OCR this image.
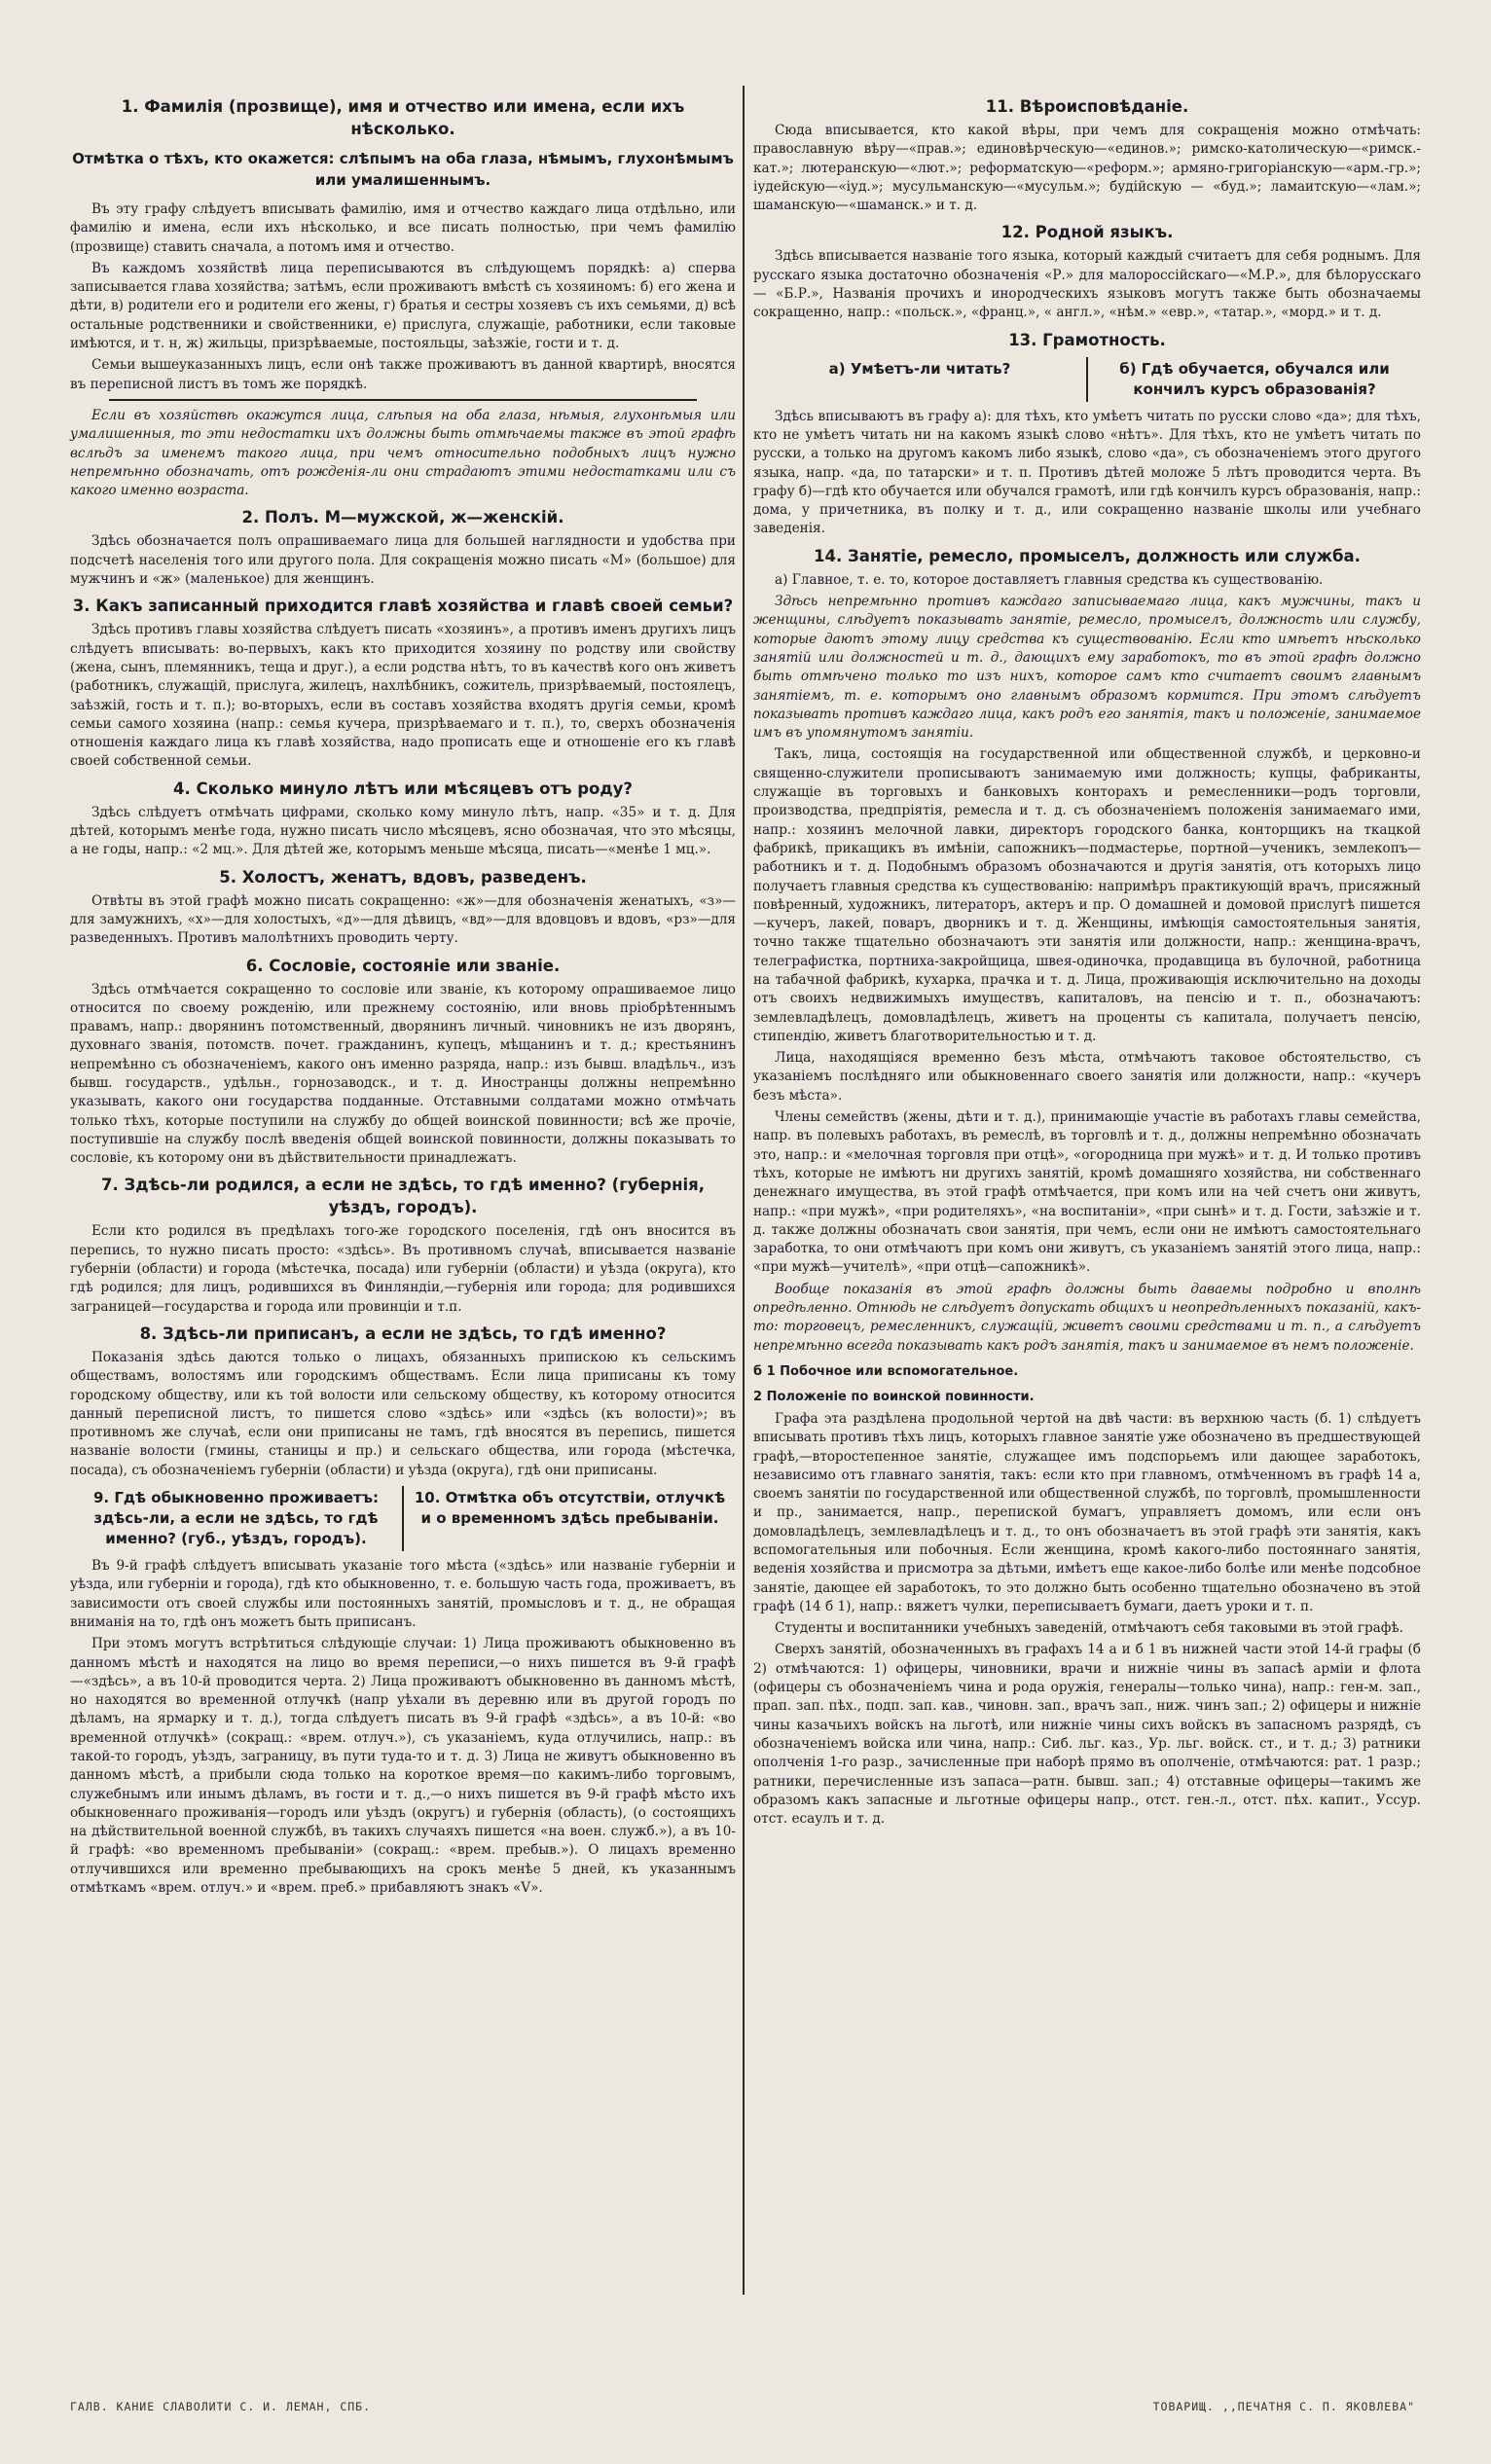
1. Фамилія (прозвище), имя и отчество или имена, если ихъ нѣсколько.
Отмѣтка о тѣхъ, кто окажется: слѣпымъ на оба глаза, нѣмымъ, глухонѣмымъ или умалишеннымъ.

Въ эту графу слѣдуетъ вписывать фамилію, имя и отчество каждаго лица отдѣльно, или фамилію и имена, если ихъ нѣсколько, и все писать полностью, при чемъ фамилію (прозвище) ставить сначала, а потомъ имя и отчество.

Въ каждомъ хозяйствѣ лица переписываются въ слѣдующемъ порядкѣ: а) сперва записывается глава хозяйства; затѣмъ, если проживаютъ вмѣстѣ съ хозяиномъ: б) его жена и дѣти, в) родители его и родители его жены, г) братья и сестры хозяевъ съ ихъ семьями, д) всѣ остальные родственники и свойственники, е) прислуга, служащіе, работники, если таковые имѣются, и т. н, ж) жильцы, призрѣваемые, постояльцы, заѣзжіе, гости и т. д.

Семьи вышеуказанныхъ лицъ, если онѣ также проживаютъ въ данной квартирѣ, вносятся въ переписной листъ въ томъ же порядкѣ.

Если въ хозяйствѣ окажутся лица, слѣпыя на оба глаза, нѣмыя, глухонѣмыя или умалишенныя, то эти недостатки ихъ должны быть отмѣчаемы также въ этой графѣ вслѣдъ за именемъ такого лица, при чемъ относительно подобныхъ лицъ нужно непремѣнно обозначать, отъ рожденія-ли они страдаютъ этими недостатками или съ какого именно возраста.

2. Полъ. М—мужской, ж—женскій.

Здѣсь обозначается полъ опрашиваемаго лица для большей наглядности и удобства при подсчетѣ населенія того или другого пола. Для сокращенія можно писать «М» (большое) для мужчинъ и «ж» (маленькое) для женщинъ.

3. Какъ записанный приходится главѣ хозяйства и главѣ своей семьи?

Здѣсь противъ главы хозяйства слѣдуетъ писать «хозяинъ», а противъ именъ другихъ лицъ слѣдуетъ вписывать: во-первыхъ, какъ кто приходится хозяину по родству или свойству (жена, сынъ, племянникъ, теща и друг.), а если родства нѣтъ, то въ качествѣ кого онъ живетъ (работникъ, служащій, прислуга, жилецъ, нахлѣбникъ, сожитель, призрѣваемый, постоялецъ, заѣзжій, гость и т. п.); во-вторыхъ, если въ составъ хозяйства входятъ другія семьи, кромѣ семьи самого хозяина (напр.: семья кучера, призрѣваемаго и т. п.), то, сверхъ обозначенія отношенія каждаго лица къ главѣ хозяйства, надо прописать еще и отношеніе его къ главѣ своей собственной семьи.

4. Сколько минуло лѣтъ или мѣсяцевъ отъ роду?

Здѣсь слѣдуетъ отмѣчать цифрами, сколько кому минуло лѣтъ, напр. «35» и т. д. Для дѣтей, которымъ менѣе года, нужно писать число мѣсяцевъ, ясно обозначая, что это мѣсяцы, а не годы, напр.: «2 мц.». Для дѣтей же, которымъ меньше мѣсяца, писать—«менѣе 1 мц.».

5. Холостъ, женатъ, вдовъ, разведенъ.

Отвѣты въ этой графѣ можно писать сокращенно: «ж»—для обозначенія женатыхъ, «з»—для замужнихъ, «х»—для холостыхъ, «д»—для дѣвицъ, «вд»—для вдовцовъ и вдовъ, «рз»—для разведенныхъ. Противъ малолѣтнихъ проводить черту.

6. Сословіе, состояніе или званіе.

Здѣсь отмѣчается сокращенно то сословіе или званіе, къ которому опрашиваемое лицо относится по своему рожденію, или прежнему состоянію, или вновь пріобрѣтеннымъ правамъ, напр.: дворянинъ потомственный, дворянинъ личный. чиновникъ не изъ дворянъ, духовнаго званія, потомств. почет. гражданинъ, купецъ, мѣщанинъ и т. д.; крестьянинъ непремѣнно съ обозначеніемъ, какого онъ именно разряда, напр.: изъ бывш. владѣльч., изъ бывш. государств., удѣльн., горнозаводск., и т. д. Иностранцы должны непремѣнно указывать, какого они государства подданные. Отставными солдатами можно отмѣчать только тѣхъ, которые поступили на службу до общей воинской повинности; всѣ же прочіе, поступившіе на службу послѣ введенія общей воинской повинности, должны показывать то сословіе, къ которому они въ дѣйствительности принадлежатъ.

7. Здѣсь-ли родился, а если не здѣсь, то гдѣ именно? (губернія, уѣздъ, городъ).

Если кто родился въ предѣлахъ того-же городского поселенія, гдѣ онъ вносится въ перепись, то нужно писать просто: «здѣсь». Въ противномъ случаѣ, вписывается названіе губерніи (области) и города (мѣстечка, посада) или губерніи (области) и уѣзда (округа), кто гдѣ родился; для лицъ, родившихся въ Финляндіи,—губернія или города; для родившихся заграницей—государства и города или провинціи и т.п.

8. Здѣсь-ли приписанъ, а если не здѣсь, то гдѣ именно?

Показанія здѣсь даются только о лицахъ, обязанныхъ припискою къ сельскимъ обществамъ, волостямъ или городскимъ обществамъ. Если лица приписаны къ тому городскому обществу, или къ той волости или сельскому обществу, къ которому относится данный переписной листъ, то пишется слово «здѣсь» или «здѣсь (къ волости)»; въ противномъ же случаѣ, если они приписаны не тамъ, гдѣ вносятся въ перепись, пишется названіе волости (гмины, станицы и пр.) и сельскаго общества, или города (мѣстечка, посада), съ обозначеніемъ губерніи (области) и уѣзда (округа), гдѣ они приписаны.

9. Гдѣ обыкновенно проживаетъ: здѣсь-ли, а если не здѣсь, то гдѣ именно? (губ., уѣздъ, городъ).
10. Отмѣтка объ отсутствіи, отлучкѣ и о временномъ здѣсь пребываніи.

Въ 9-й графѣ слѣдуетъ вписывать указаніе того мѣста («здѣсь» или названіе губерніи и уѣзда, или губерніи и города), гдѣ кто обыкновенно, т. е. большую часть года, проживаетъ, въ зависимости отъ своей службы или постоянныхъ занятій, промысловъ и т. д., не обращая вниманія на то, гдѣ онъ можетъ быть приписанъ.

При этомъ могутъ встрѣтиться слѣдующіе случаи: 1) Лица проживаютъ обыкновенно въ данномъ мѣстѣ и находятся на лицо во время переписи,—о нихъ пишется въ 9-й графѣ—«здѣсь», а въ 10-й проводится черта. 2) Лица проживаютъ обыкновенно въ данномъ мѣстѣ, но находятся во временной отлучкѣ (напр уѣхали въ деревню или въ другой городъ по дѣламъ, на ярмарку и т. д.), тогда слѣдуетъ писать въ 9-й графѣ «здѣсь», а въ 10-й: «во временной отлучкѣ» (сокращ.: «врем. отлуч.»), съ указаніемъ, куда отлучились, напр.: въ такой-то городъ, уѣздъ, заграницу, въ пути туда-то и т. д. 3) Лица не живутъ обыкновенно въ данномъ мѣстѣ, а прибыли сюда только на короткое время—по какимъ-либо торговымъ, служебнымъ или инымъ дѣламъ, въ гости и т. д.,—о нихъ пишется въ 9-й графѣ мѣсто ихъ обыкновеннаго проживанія—городъ или уѣздъ (округъ) и губернія (область), (о состоящихъ на дѣйствительной военной службѣ, въ такихъ случаяхъ пишется «на воен. служб.»), а въ 10-й графѣ: «во временномъ пребываніи» (сокращ.: «врем. пребыв.»). О лицахъ временно отлучившихся или временно пребывающихъ на срокъ менѣе 5 дней, къ указаннымъ отмѣткамъ «врем. отлуч.» и «врем. преб.» прибавляютъ знакъ «V».

11. Вѣроисповѣданіе.

Сюда вписывается, кто какой вѣры, при чемъ для сокращенія можно отмѣчать: православную вѣру—«прав.»; единовѣрческую—«единов.»; римско-католическую—«римск.-кат.»; лютеранскую—«лют.»; реформатскую—«реформ.»; армяно-григоріанскую—«арм.-гр.»; іудейскую—«іуд.»; мусульманскую—«мусульм.»; будійскую — «буд.»; ламаитскую—«лам.»; шаманскую—«шаманск.» и т. д.

12. Родной языкъ.

Здѣсь вписывается названіе того языка, который каждый считаетъ для себя роднымъ. Для русскаго языка достаточно обозначенія «Р.» для малороссійскаго—«М.Р.», для бѣлорусскаго — «Б.Р.», Названія прочихъ и инородческихъ языковъ могутъ также быть обозначаемы сокращенно, напр.: «польск.», «франц.», « англ.», «нѣм.» «евр.», «татар.», «морд.» и т. д.

13. Грамотность.
а) Умѣетъ-ли читать?	б) Гдѣ обучается, обучался или кончилъ курсъ образованія?

Здѣсь вписываютъ въ графу а): для тѣхъ, кто умѣетъ читать по русски слово «да»; для тѣхъ, кто не умѣетъ читать ни на какомъ языкѣ слово «нѣтъ». Для тѣхъ, кто не умѣетъ читать по русски, а только на другомъ какомъ либо языкѣ, слово «да», съ обозначеніемъ этого другого языка, напр. «да, по татарски» и т. п. Противъ дѣтей моложе 5 лѣтъ проводится черта. Въ графу б)—гдѣ кто обучается или обучался грамотѣ, или гдѣ кончилъ курсъ образованія, напр.: дома, у причетника, въ полку и т. д., или сокращенно названіе школы или учебнаго заведенія.

14. Занятіе, ремесло, промыселъ, должность или служба.

а) Главное, т. е. то, которое доставляетъ главныя средства къ существованію.

Здѣсь непремѣнно противъ каждаго записываемаго лица, какъ мужчины, такъ и женщины, слѣдуетъ показывать занятіе, ремесло, промыселъ, должность или службу, которые даютъ этому лицу средства къ существованію. Если кто имѣетъ нѣсколько занятій или должностей и т. д., дающихъ ему заработокъ, то въ этой графѣ должно быть отмѣчено только то изъ нихъ, которое самъ кто считаетъ своимъ главнымъ занятіемъ, т. е. которымъ оно главнымъ образомъ кормится. При этомъ слѣдуетъ показывать противъ каждаго лица, какъ родъ его занятія, такъ и положеніе, занимаемое имъ въ упомянутомъ занятіи.

Такъ, лица, состоящія на государственной или общественной службѣ, и церковно-и священно-служители прописываютъ занимаемую ими должность; купцы, фабриканты, служащіе въ торговыхъ и банковыхъ конторахъ и ремесленники—родъ торговли, производства, предпріятія, ремесла и т. д. съ обозначеніемъ положенія занимаемаго ими, напр.: хозяинъ мелочной лавки, директоръ городского банка, конторщикъ на ткацкой фабрикѣ, прикащикъ въ имѣніи, сапожникъ—подмастерье, портной—ученикъ, землекопъ—работникъ и т. д. Подобнымъ образомъ обозначаются и другія занятія, отъ которыхъ лицо получаетъ главныя средства къ существованію: напримѣръ практикующій врачъ, присяжный повѣренный, художникъ, литераторъ, актеръ и пр. О домашней и домовой прислугѣ пишется—кучеръ, лакей, поваръ, дворникъ и т. д. Женщины, имѣющія самостоятельныя занятія, точно также тщательно обозначаютъ эти занятія или должности, напр.: женщина-врачъ, телеграфистка, портниха-закройщица, швея-одиночка, продавщица въ булочной, работница на табачной фабрикѣ, кухарка, прачка и т. д. Лица, проживающія исключительно на доходы отъ своихъ недвижимыхъ имуществъ, капиталовъ, на пенсію и т. п., обозначаютъ: землевладѣлецъ, домовладѣлецъ, живетъ на проценты съ капитала, получаетъ пенсію, стипендію, живетъ благотворительностью и т. д.

Лица, находящіяся временно безъ мѣста, отмѣчаютъ таковое обстоятельство, съ указаніемъ послѣдняго или обыкновеннаго своего занятія или должности, напр.: «кучеръ безъ мѣста».

Члены семействъ (жены, дѣти и т. д.), принимающіе участіе въ работахъ главы семейства, напр. въ полевыхъ работахъ, въ ремеслѣ, въ торговлѣ и т. д., должны непремѣнно обозначать это, напр.: и «мелочная торговля при отцѣ», «огородница при мужѣ» и т. д. И только противъ тѣхъ, которые не имѣютъ ни другихъ занятій, кромѣ домашняго хозяйства, ни собственнаго денежнаго имущества, въ этой графѣ отмѣчается, при комъ или на чей счетъ они живутъ, напр.: «при мужѣ», «при родителяхъ», «на воспитаніи», «при сынѣ» и т. д. Гости, заѣзжіе и т. д. также должны обозначать свои занятія, при чемъ, если они не имѣютъ самостоятельнаго заработка, то они отмѣчаютъ при комъ они живутъ, съ указаніемъ занятій этого лица, напр.: «при мужѣ—учителѣ», «при отцѣ—сапожникѣ».

Вообще показанія въ этой графѣ должны быть даваемы подробно и вполнѣ опредѣленно. Отнюдь не слѣдуетъ допускать общихъ и неопредѣленныхъ показаній, какъ-то: торговецъ, ремесленникъ, служащій, живетъ своими средствами и т. п., а слѣдуетъ непремѣнно всегда показывать какъ родъ занятія, такъ и занимаемое въ немъ положеніе.

б 1 Побочное или вспомогательное.
2 Положеніе по воинской повинности.

Графа эта раздѣлена продольной чертой на двѣ части: въ верхнюю часть (б. 1) слѣдуетъ вписывать противъ тѣхъ лицъ, которыхъ главное занятіе уже обозначено въ предшествующей графѣ,—второстепенное занятіе, служащее имъ подспорьемъ или дающее заработокъ, независимо отъ главнаго занятія, такъ: если кто при главномъ, отмѣченномъ въ графѣ 14 а, своемъ занятіи по государственной или общественной службѣ, по торговлѣ, промышленности и пр., занимается, напр., перепиской бумагъ, управляетъ домомъ, или если онъ домовладѣлецъ, землевладѣлецъ и т. д., то онъ обозначаетъ въ этой графѣ эти занятія, какъ вспомогательныя или побочныя. Если женщина, кромѣ какого-либо постояннаго занятія, веденія хозяйства и присмотра за дѣтьми, имѣетъ еще какое-либо болѣе или менѣе подсобное занятіе, дающее ей заработокъ, то это должно быть особенно тщательно обозначено въ этой графѣ (14 б 1), напр.: вяжетъ чулки, переписываетъ бумаги, даетъ уроки и т. п.

Студенты и воспитанники учебныхъ заведеній, отмѣчаютъ себя таковыми въ этой графѣ.

Сверхъ занятій, обозначенныхъ въ графахъ 14 а и б 1 въ нижней части этой 14-й графы (б 2) отмѣчаются: 1) офицеры, чиновники, врачи и нижніе чины въ запасѣ арміи и флота (офицеры съ обозначеніемъ чина и рода оружія, генералы—только чина), напр.: ген-м. зап., прап. зап. пѣх., подп. зап. кав., чиновн. зап., врачъ зап., ниж. чинъ зап.; 2) офицеры и нижніе чины казачьихъ войскъ на льготѣ, или нижніе чины сихъ войскъ въ запасномъ разрядѣ, съ обозначеніемъ войска или чина, напр.: Сиб. льг. каз., Ур. льг. войск. ст., и т. д.; 3) ратники ополченія 1-го разр., зачисленные при наборѣ прямо въ ополченіе, отмѣчаются: рат. 1 разр.; ратники, перечисленные изъ запаса—ратн. бывш. зап.; 4) отставные офицеры—такимъ же образомъ какъ запасные и льготные офицеры напр., отст. ген.-л., отст. пѣх. капит., Уссур. отст. есаулъ и т. д.

ГАЛВ. КАНИЕ СЛАВОЛИТИ С. И. ЛЕМАН, СПБ.	ТОВАРИЩ. ,,ПЕЧАТНЯ С. П. ЯКОВЛЕВА"
